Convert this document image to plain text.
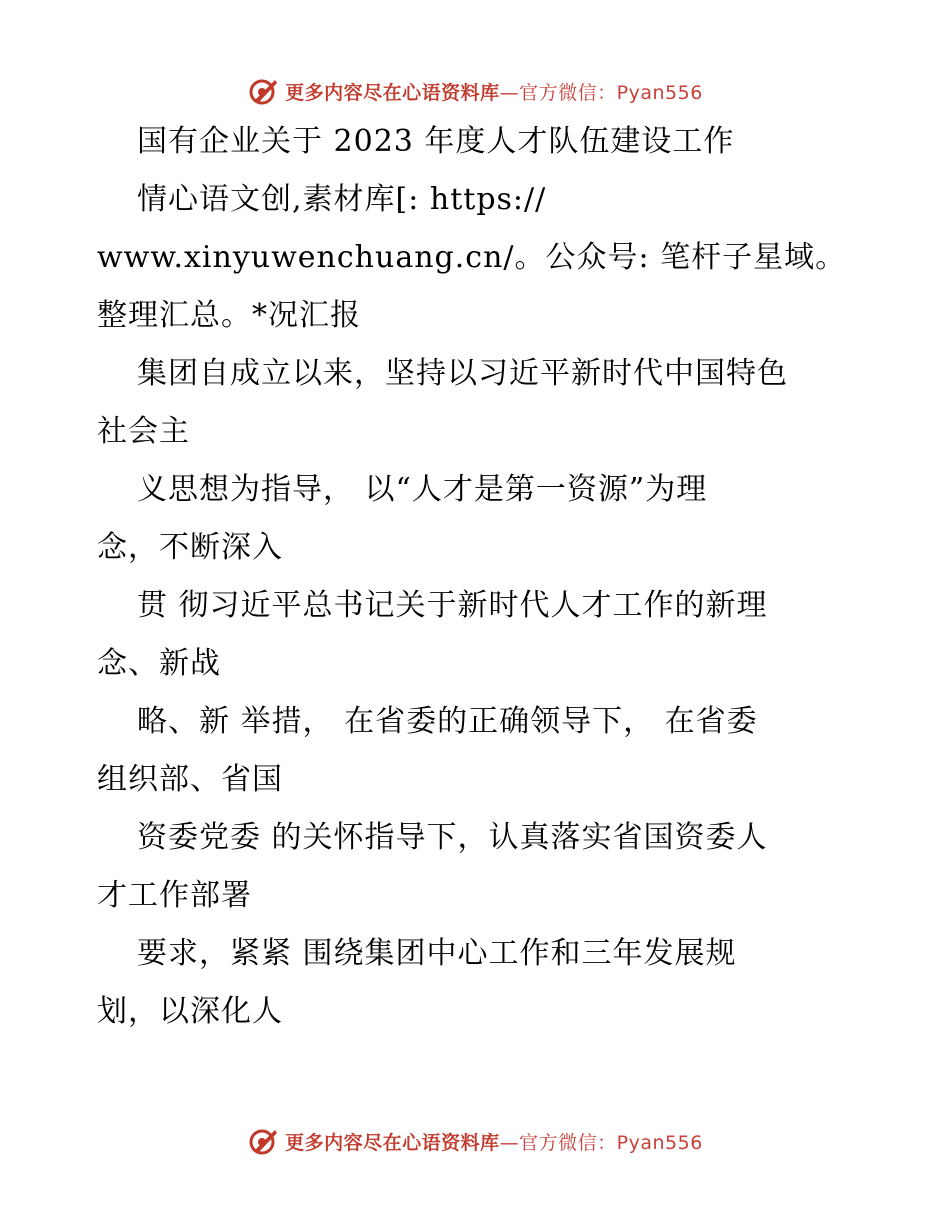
更多内容尽在心语资料库 —官方微信：Pyan556
国有企业关于 2023 年度人才队伍建设工作
情心语文创,素材库[: https://
www.xinyuwenchuang.cn/。公众号: 笔杆子星域。
整理汇总。*况汇报
集团自成立以来，坚持以习近平新时代中国特色
社会主
义思想为指导， 以“人才是第一资源”为理
念，不断深入
贯 彻习近平总书记关于新时代人才工作的新理
念、新战
略、新 举措， 在省委的正确领导下， 在省委
组织部、省国
资委党委 的关怀指导下，认真落实省国资委人
才工作部署
要求，紧紧 围绕集团中心工作和三年发展规
划，以深化人
更多内容尽在心语资料库 —官方微信：Pyan556
